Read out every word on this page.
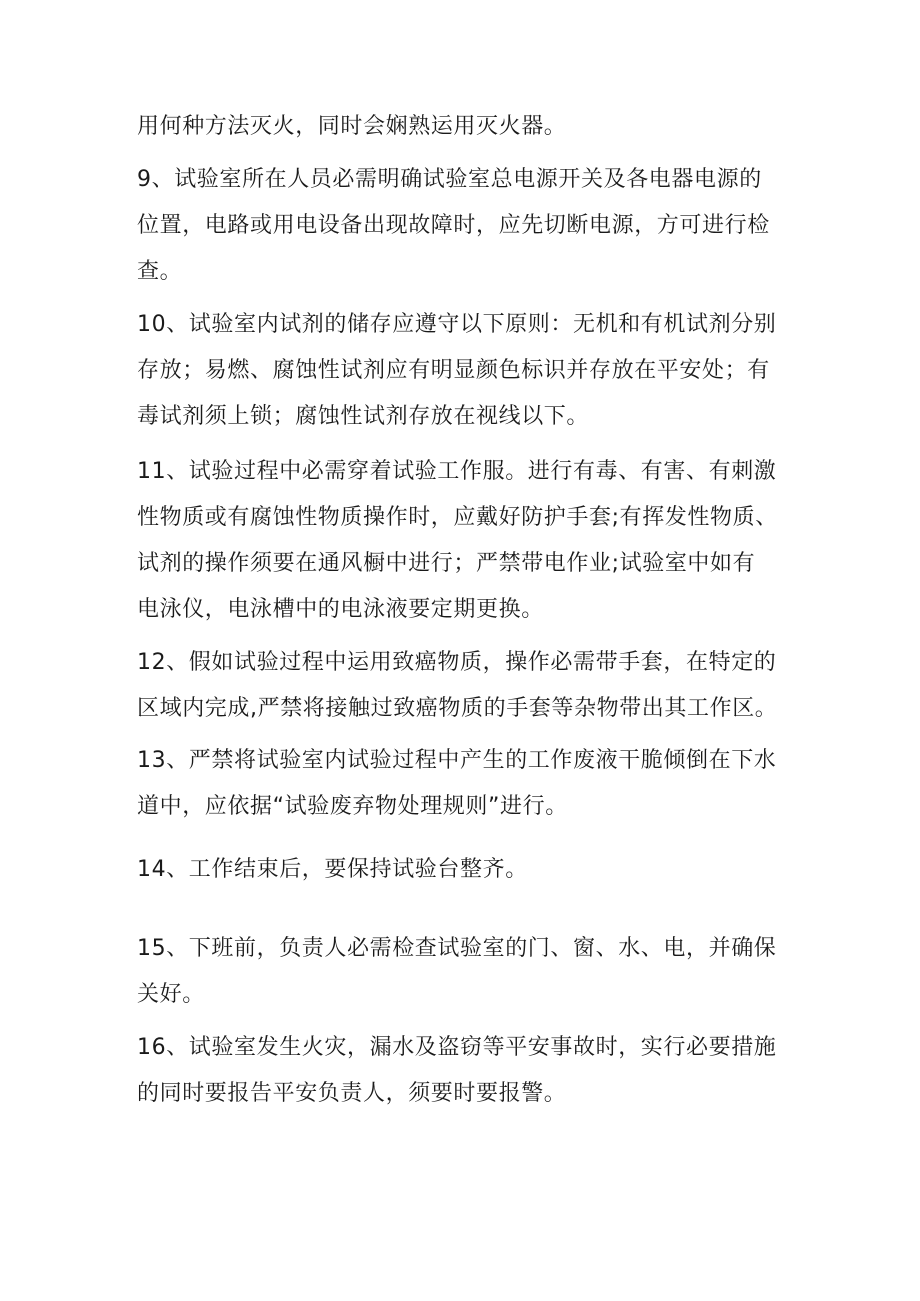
用何种方法灭火，同时会娴熟运用灭火器。

9、试验室所在人员必需明确试验室总电源开关及各电器电源的
位置，电路或用电设备出现故障时，应先切断电源，方可进行检
查。

10、试验室内试剂的储存应遵守以下原则：无机和有机试剂分别
存放；易燃、腐蚀性试剂应有明显颜色标识并存放在平安处；有
毒试剂须上锁；腐蚀性试剂存放在视线以下。

11、试验过程中必需穿着试验工作服。进行有毒、有害、有刺激
性物质或有腐蚀性物质操作时，应戴好防护手套;有挥发性物质、
试剂的操作须要在通风橱中进行；严禁带电作业;试验室中如有
电泳仪，电泳槽中的电泳液要定期更换。

12、假如试验过程中运用致癌物质，操作必需带手套，在特定的
区域内完成,严禁将接触过致癌物质的手套等杂物带出其工作区。

13、严禁将试验室内试验过程中产生的工作废液干脆倾倒在下水
道中，应依据“试验废弃物处理规则”进行。

14、工作结束后，要保持试验台整齐。

15、下班前，负责人必需检查试验室的门、窗、水、电，并确保
关好。

16、试验室发生火灾，漏水及盗窃等平安事故时，实行必要措施
的同时要报告平安负责人，须要时要报警。
